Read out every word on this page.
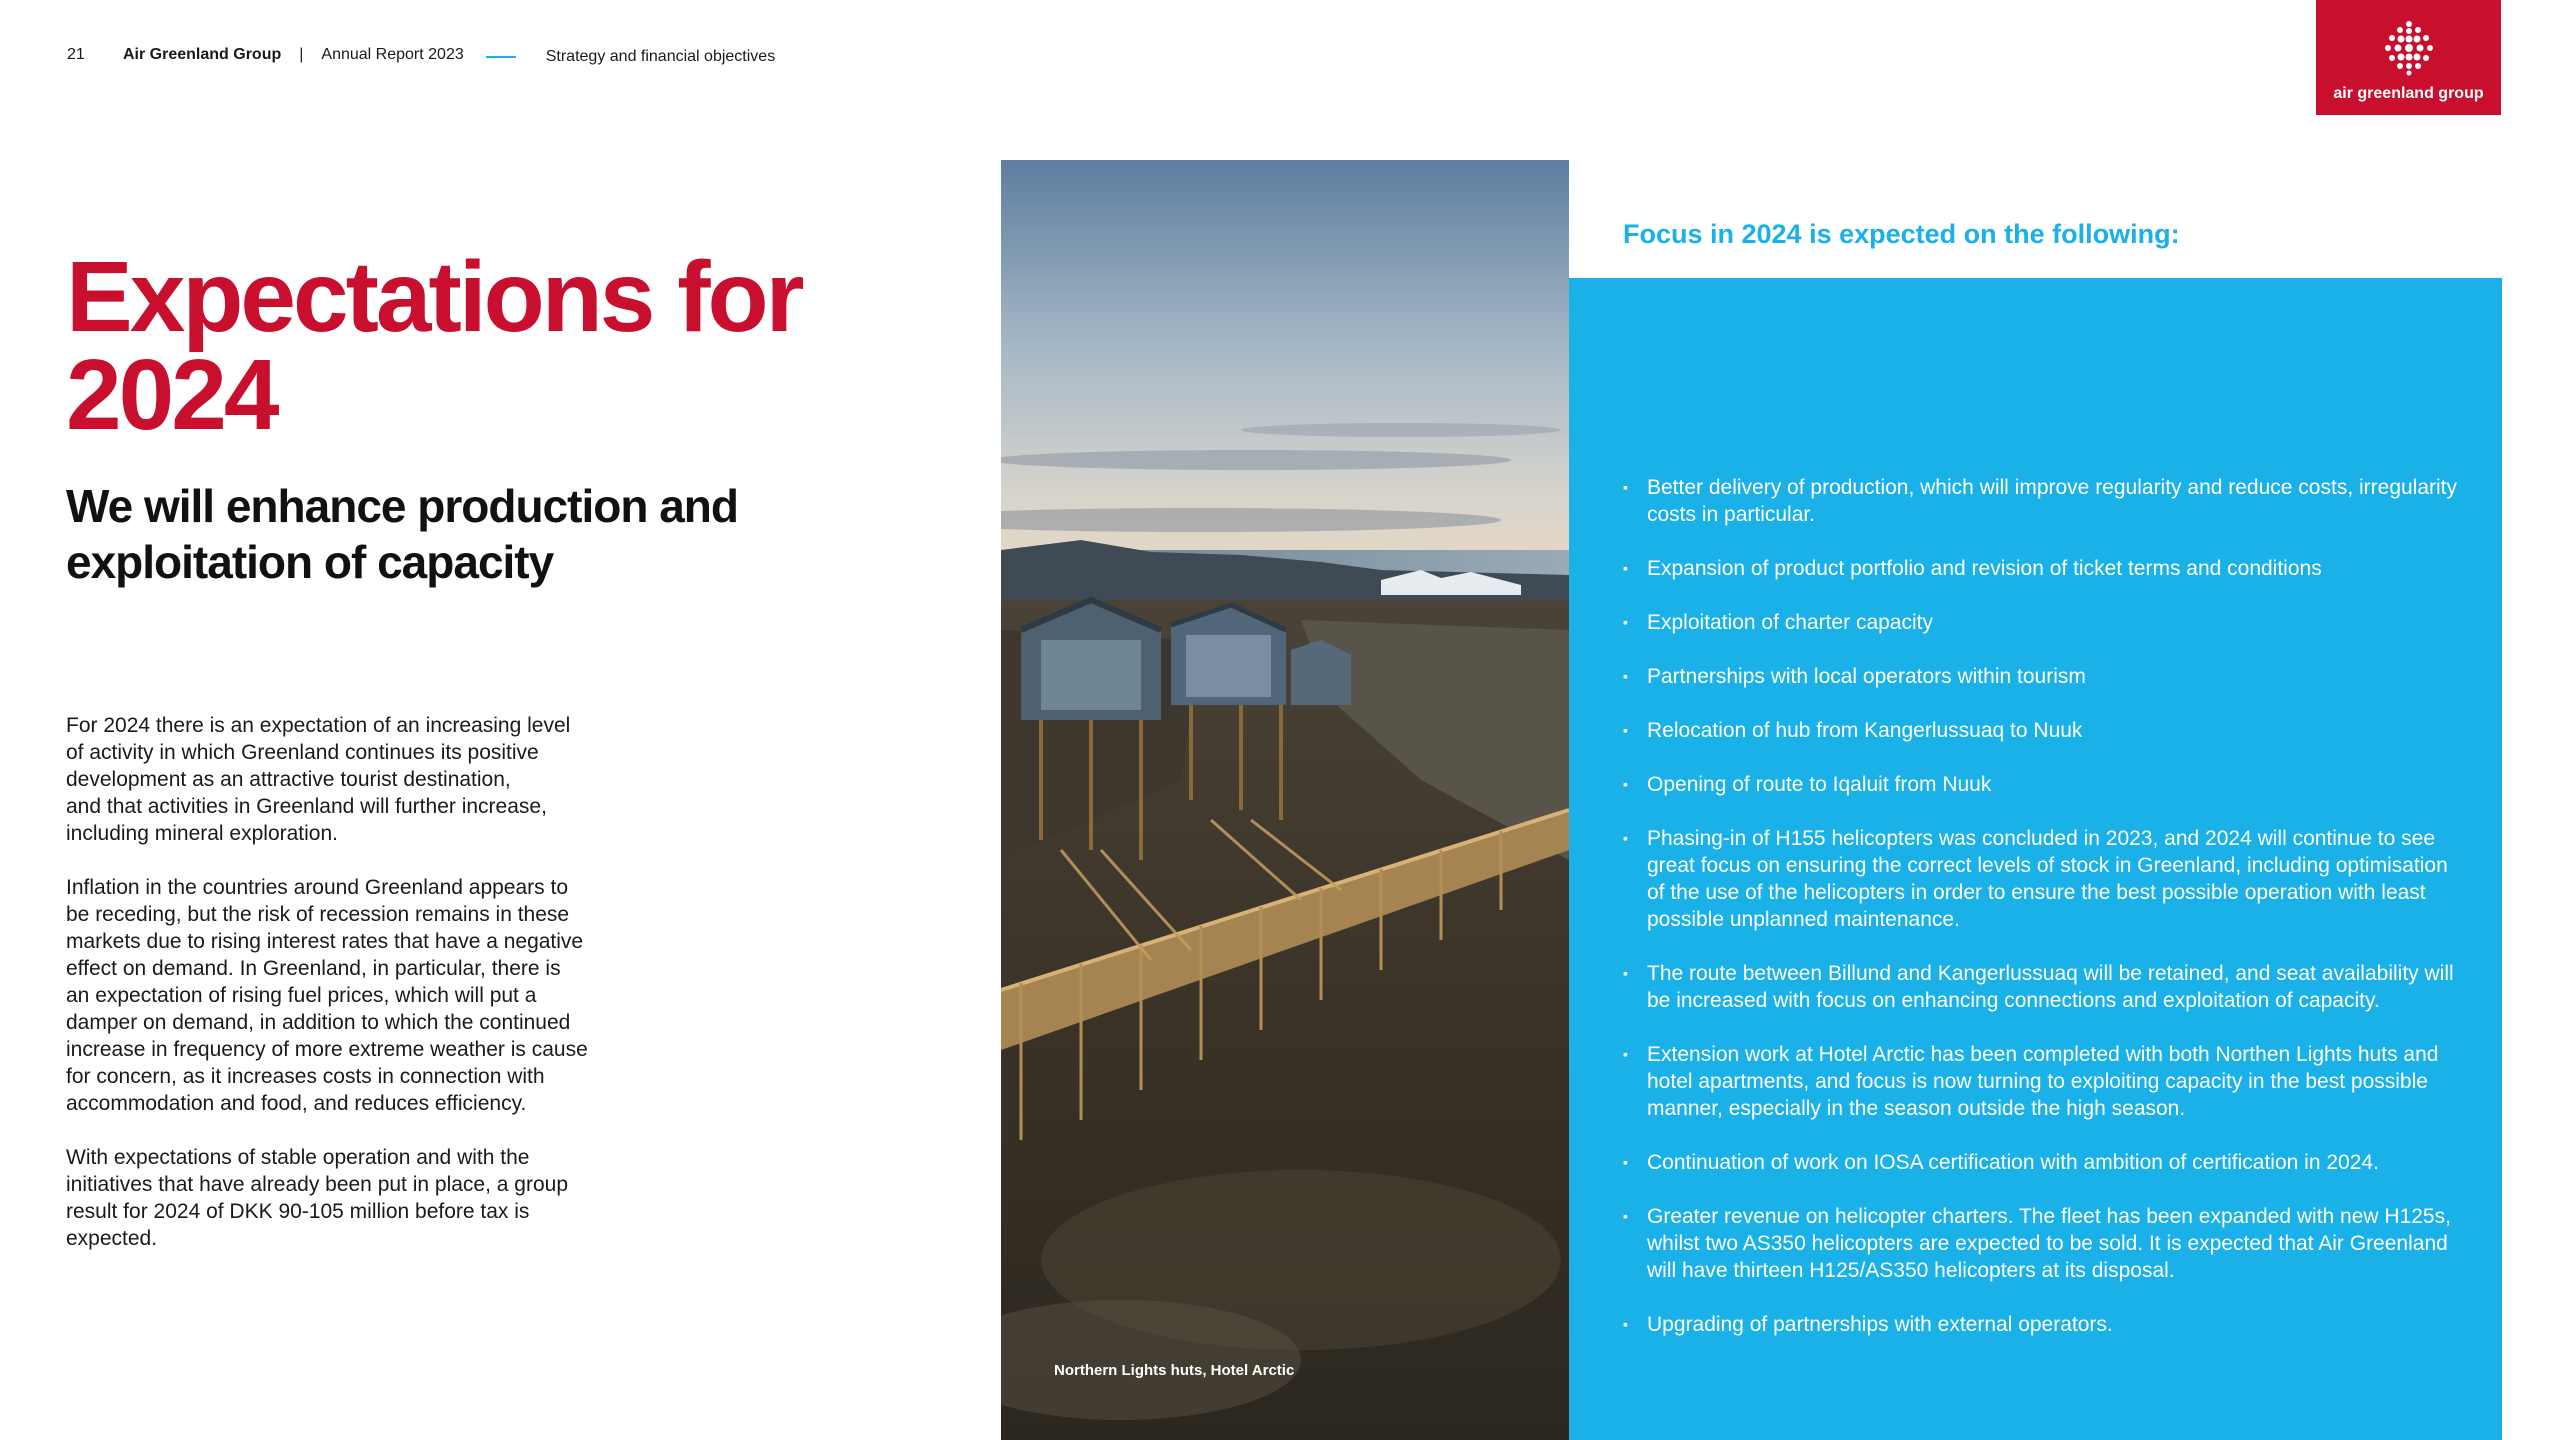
21	Air Greenland Group | Annual Report 2023	Strategy and financial objectives
air greenland group
Expectations for 2024
We will enhance production and exploitation of capacity

For 2024 there is an expectation of an increasing level
of activity in which Greenland continues its positive
development as an attractive tourist destination,
and that activities in Greenland will further increase,
including mineral exploration.

Inflation in the countries around Greenland appears to
be receding, but the risk of recession remains in these
markets due to rising interest rates that have a negative
effect on demand. In Greenland, in particular, there is
an expectation of rising fuel prices, which will put a
damper on demand, in addition to which the continued
increase in frequency of more extreme weather is cause
for concern, as it increases costs in connection with
accommodation and food, and reduces efficiency.

With expectations of stable operation and with the
initiatives that have already been put in place, a group
result for 2024 of DKK 90-105 million before tax is
expected.

Northern Lights huts, Hotel Arctic
Focus in 2024 is expected on the following:
▪ Better delivery of production, which will improve regularity and reduce costs, irregularity costs in particular.
▪ Expansion of product portfolio and revision of ticket terms and conditions
▪ Exploitation of charter capacity
▪ Partnerships with local operators within tourism
▪ Relocation of hub from Kangerlussuaq to Nuuk
▪ Opening of route to Iqaluit from Nuuk
▪ Phasing-in of H155 helicopters was concluded in 2023, and 2024 will continue to see great focus on ensuring the correct levels of stock in Greenland, including optimisation of the use of the helicopters in order to ensure the best possible operation with least possible unplanned maintenance.
▪ The route between Billund and Kangerlussuaq will be retained, and seat availability will be increased with focus on enhancing connections and exploitation of capacity.
▪ Extension work at Hotel Arctic has been completed with both Northen Lights huts and hotel apartments, and focus is now turning to exploiting capacity in the best possible manner, especially in the season outside the high season.
▪ Continuation of work on IOSA certification with ambition of certification in 2024.
▪ Greater revenue on helicopter charters. The fleet has been expanded with new H125s, whilst two AS350 helicopters are expected to be sold. It is expected that Air Greenland will have thirteen H125/AS350 helicopters at its disposal.
▪ Upgrading of partnerships with external operators.
